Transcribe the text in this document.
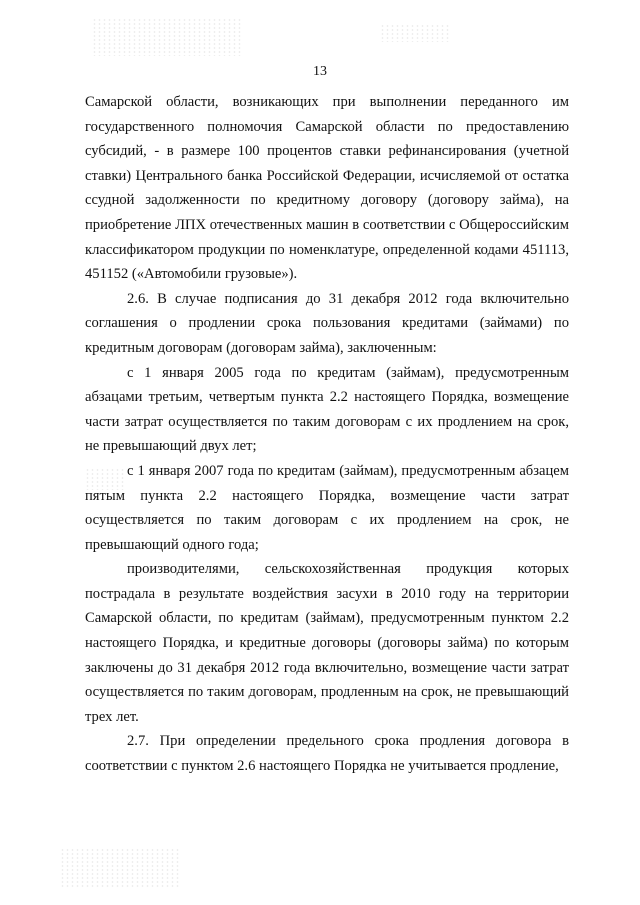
13

Самарской области, возникающих при выполнении переданного им государственного полномочия Самарской области по предоставлению субсидий, - в размере 100 процентов ставки рефинансирования (учетной ставки) Центрального банка Российской Федерации, исчисляемой от остатка ссудной задолженности по кредитному договору (договору займа), на приобретение ЛПХ отечественных машин в соответствии с Общероссийским классификатором продукции по номенклатуре, определенной кодами 451113, 451152 («Автомобили грузовые»).

2.6. В случае подписания до 31 декабря 2012 года включительно соглашения о продлении срока пользования кредитами (займами) по кредитным договорам (договорам займа), заключенным:

с 1 января 2005 года по кредитам (займам), предусмотренным абзацами третьим, четвертым пункта 2.2 настоящего Порядка, возмещение части затрат осуществляется по таким договорам с их продлением на срок, не превышающий двух лет;

с 1 января 2007 года по кредитам (займам), предусмотренным абзацем пятым пункта 2.2 настоящего Порядка, возмещение части затрат осуществляется по таким договорам с их продлением на срок, не превышающий одного года;

производителями, сельскохозяйственная продукция которых пострадала в результате воздействия засухи в 2010 году на территории Самарской области, по кредитам (займам), предусмотренным пунктом 2.2 настоящего Порядка, и кредитные договоры (договоры займа) по которым заключены до 31 декабря 2012 года включительно, возмещение части затрат осуществляется по таким договорам, продленным на срок, не превышающий трех лет.

2.7. При определении предельного срока продления договора в соответствии с пунктом 2.6 настоящего Порядка не учитывается продление,
